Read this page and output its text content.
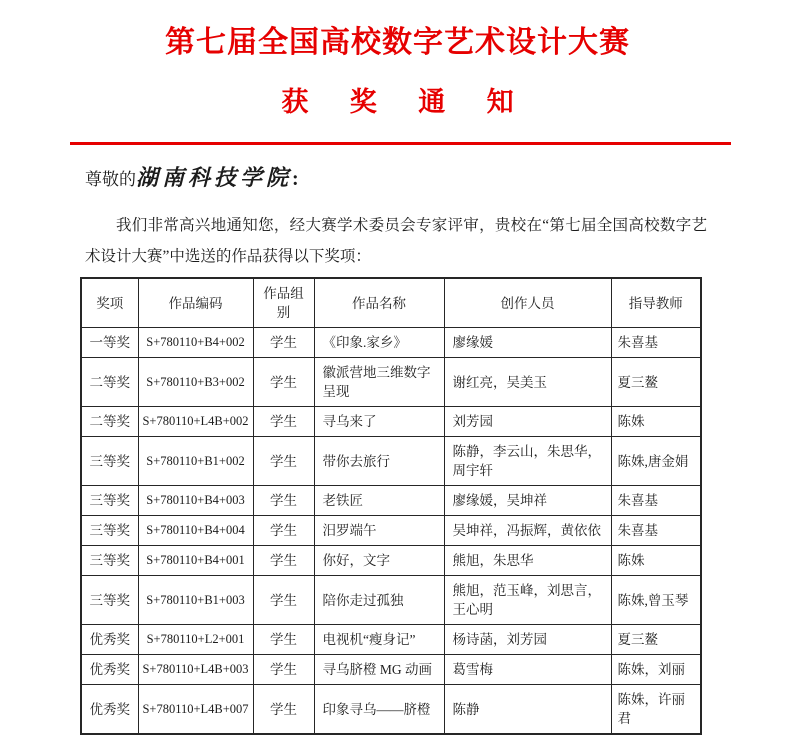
第七届全国高校数字艺术设计大赛
获 奖 通 知
尊敬的湖南科技学院:
我们非常高兴地通知您，经大赛学术委员会专家评审，贵校在“第七届全国高校数字艺术设计大赛”中选送的作品获得以下奖项：
奖项	作品编码	作品组别	作品名称	创作人员	指导教师
一等奖	S+780110+B4+002	学生	《印象.家乡》	廖缘媛	朱喜基
二等奖	S+780110+B3+002	学生	徽派营地三维数字呈现	谢红亮，吴美玉	夏三鳌
二等奖	S+780110+L4B+002	学生	寻乌来了	刘芳园	陈姝
三等奖	S+780110+B1+002	学生	带你去旅行	陈静，李云山，朱思华，周宇轩	陈姝,唐金娟
三等奖	S+780110+B4+003	学生	老铁匠	廖缘媛，吴坤祥	朱喜基
三等奖	S+780110+B4+004	学生	汨罗端午	吴坤祥，冯振辉，黄依依	朱喜基
三等奖	S+780110+B4+001	学生	你好，文字	熊旭，朱思华	陈姝
三等奖	S+780110+B1+003	学生	陪你走过孤独	熊旭，范玉峰，刘思言，王心明	陈姝,曾玉琴
优秀奖	S+780110+L2+001	学生	电视机“瘦身记”	杨诗菡，刘芳园	夏三鳌
优秀奖	S+780110+L4B+003	学生	寻乌脐橙 MG 动画	葛雪梅	陈姝，刘丽
优秀奖	S+780110+L4B+007	学生	印象寻乌——脐橙	陈静	陈姝，许丽君
